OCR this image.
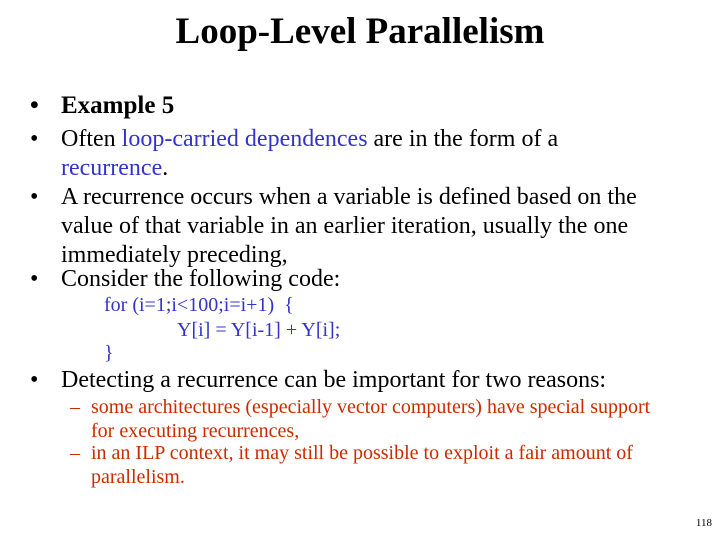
Loop-Level Parallelism
• Example 5
• Often loop-carried dependences are in the form of a recurrence.
• A recurrence occurs when a variable is defined based on the value of that variable in an earlier iteration, usually the one immediately preceding,
• Consider the following code:
for (i=1;i<100;i=i+1)  {
Y[i] = Y[i-1] + Y[i];
}
• Detecting a recurrence can be important for two reasons:
– some architectures (especially vector computers) have special support for executing recurrences,
– in an ILP context, it may still be possible to exploit a fair amount of parallelism.
118
